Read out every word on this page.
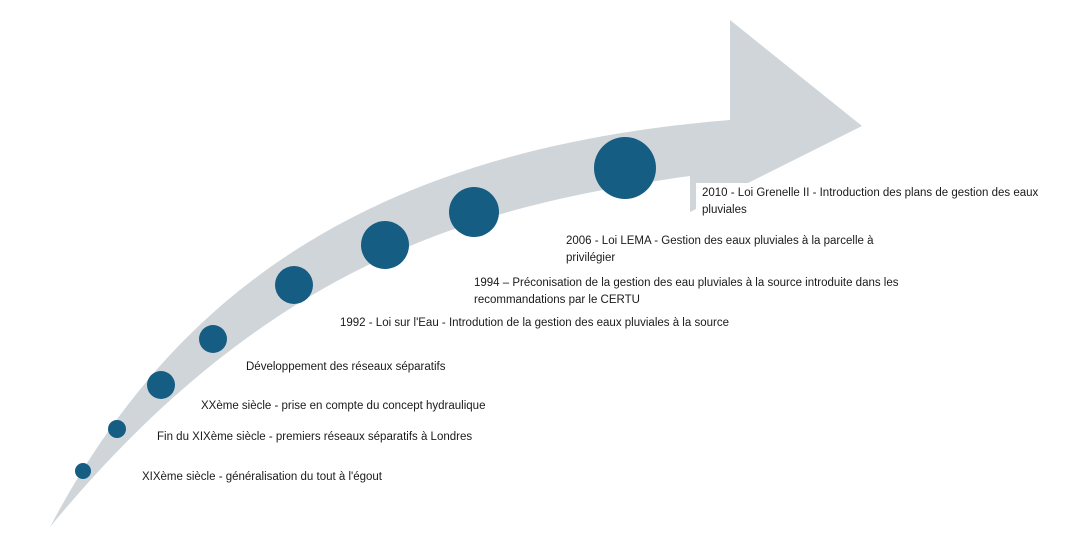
2010 - Loi Grenelle II - Introduction des plans de gestion des eaux pluviales
2006 - Loi LEMA - Gestion des eaux pluviales à la parcelle à privilégier
1994 – Préconisation de la gestion des eau pluviales à la source introduite dans les recommandations par le CERTU
1992 - Loi sur l'Eau - Introdution de la gestion des eaux pluviales à la source
Développement des réseaux séparatifs
XXème siècle - prise en compte du concept hydraulique
Fin du XIXème siècle - premiers réseaux séparatifs à Londres
XIXème siècle - généralisation du tout à l'égout
